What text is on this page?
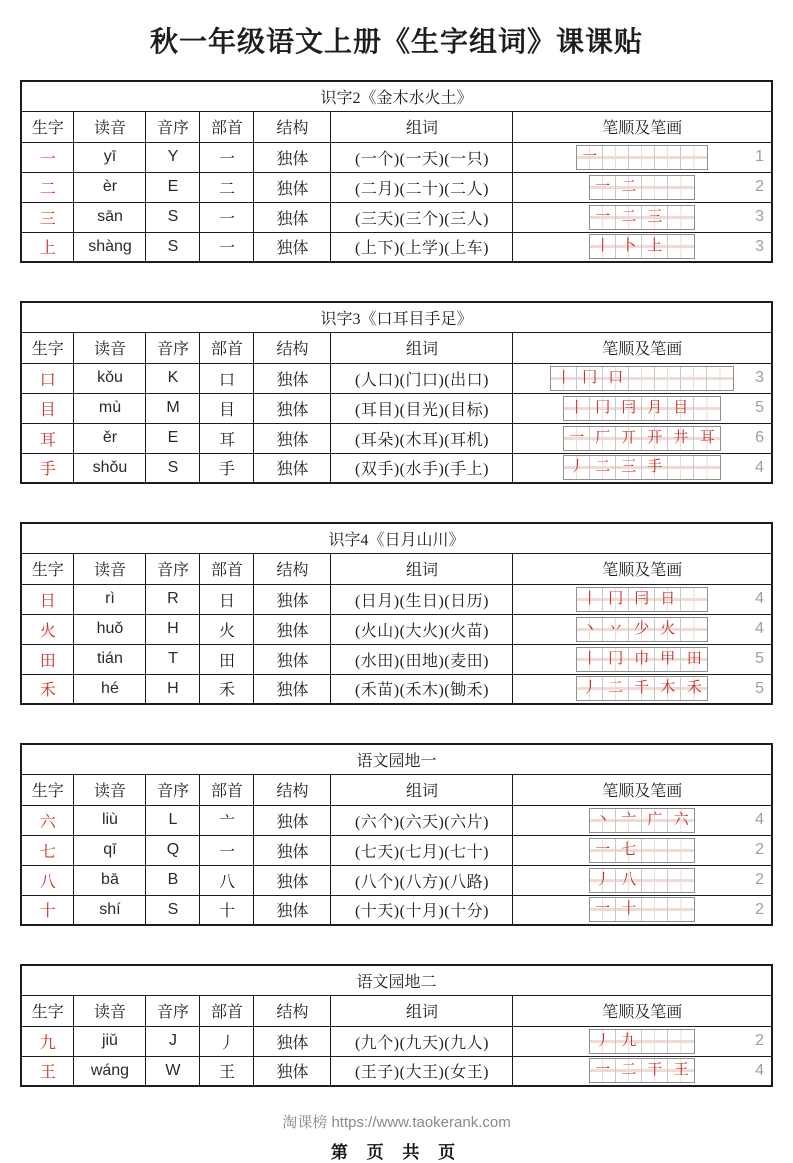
秋一年级语文上册《生字组词》课课贴
识字2《金木水火土》						
生字	读音	音序	部首	结构	组词	笔顺及笔画
一	yī	Y	一	独体	(一个)(一天)(一只)	一 1

二	èr	E	二	独体	(二月)(二十)(二人)	一 二 2

三	sān	S	一	独体	(三天)(三个)(三人)	一 二 三 3

上	shàng	S	一	独体	(上下)(上学)(上车)	丨 卜 上 3
识字3《口耳目手足》						
生字	读音	音序	部首	结构	组词	笔顺及笔画
口	kǒu	K	口	独体	(人口)(门口)(出口)	丨 冂 口 3

目	mù	M	目	独体	(耳目)(目光)(目标)	丨 冂 冃 月 目	5

耳	ěr	E	耳	独体	(耳朵)(木耳)(耳机)	一 厂 丌 开 井 耳	6

手	shǒu	S	手	独体	(双手)(水手)(手上)	丿 二 三 手 4
识字4《日月山川》						
生字	读音	音序	部首	结构	组词	笔顺及笔画
日	rì	R	日	独体	(日月)(生日)(日历)	丨 冂 冃 日 4

火	huǒ	H	火	独体	(火山)(大火)(火苗)	丶 丷 少 火 4

田	tián	T	田	独体	(水田)(田地)(麦田)	丨 冂 巾 甲 田	5

禾	hé	H	禾	独体	(禾苗)(禾木)(锄禾)	丿 二 千 木 禾	5
语文园地一						
生字	读音	音序	部首	结构	组词	笔顺及笔画
六	liù	L	亠	独体	(六个)(六天)(六片)	丶 亠 广 六 4

七	qī	Q	一	独体	(七天)(七月)(七十)	一 七 2

八	bā	B	八	独体	(八个)(八方)(八路)	丿 八 2

十	shí	S	十	独体	(十天)(十月)(十分)	一 十 2
语文园地二						
生字	读音	音序	部首	结构	组词	笔顺及笔画
九	jiǔ	J	丿	独体	(九个)(九天)(九人)	丿 九 2

王	wáng	W	王	独体	(王子)(大王)(女王)	一 二 干 王 4
淘课榜 https://www.taokerank.com
第 页 共 页
